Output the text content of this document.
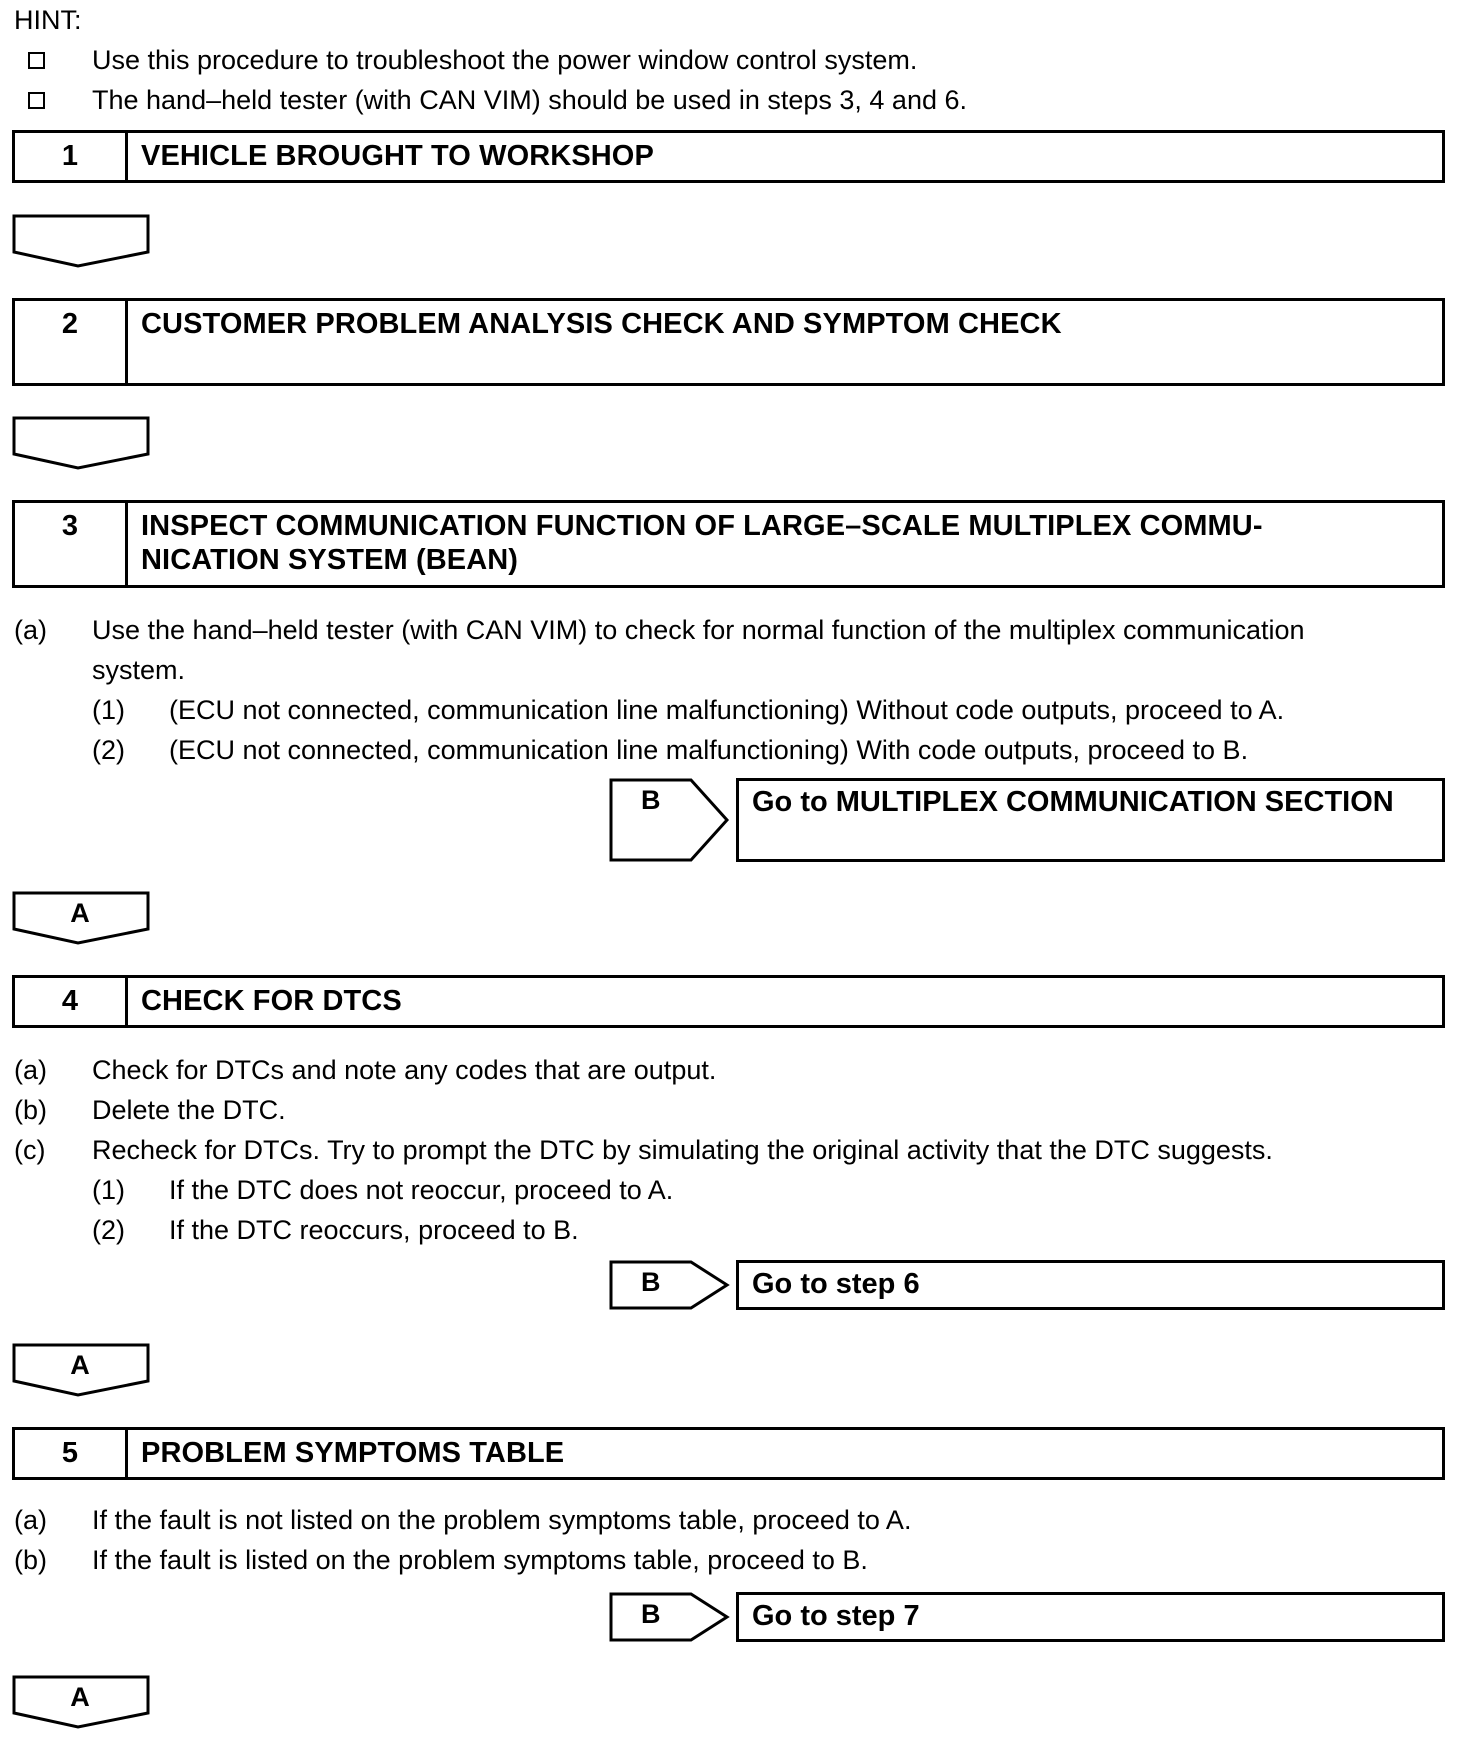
HINT:
Use this procedure to troubleshoot the power window control system.
The hand–held tester (with CAN VIM) should be used in steps 3, 4 and 6.
1	VEHICLE BROUGHT TO WORKSHOP
2	CUSTOMER PROBLEM ANALYSIS CHECK AND SYMPTOM CHECK
3	INSPECT COMMUNICATION FUNCTION OF LARGE–SCALE MULTIPLEX COMMU-
NICATION SYSTEM (BEAN)
(a) Use the hand–held tester (with CAN VIM) to check for normal function of the multiplex communication
system.
(1) (ECU not connected, communication line malfunctioning) Without code outputs, proceed to A.
(2) (ECU not connected, communication line malfunctioning) With code outputs, proceed to B.
B	Go to MULTIPLEX COMMUNICATION SECTION
A
4	CHECK FOR DTCS
(a) Check for DTCs and note any codes that are output.
(b) Delete the DTC.
(c) Recheck for DTCs. Try to prompt the DTC by simulating the original activity that the DTC suggests.
(1) If the DTC does not reoccur, proceed to A.
(2) If the DTC reoccurs, proceed to B.
B	Go to step 6
A
5	PROBLEM SYMPTOMS TABLE
(a) If the fault is not listed on the problem symptoms table, proceed to A.
(b) If the fault is listed on the problem symptoms table, proceed to B.
B	Go to step 7
A
